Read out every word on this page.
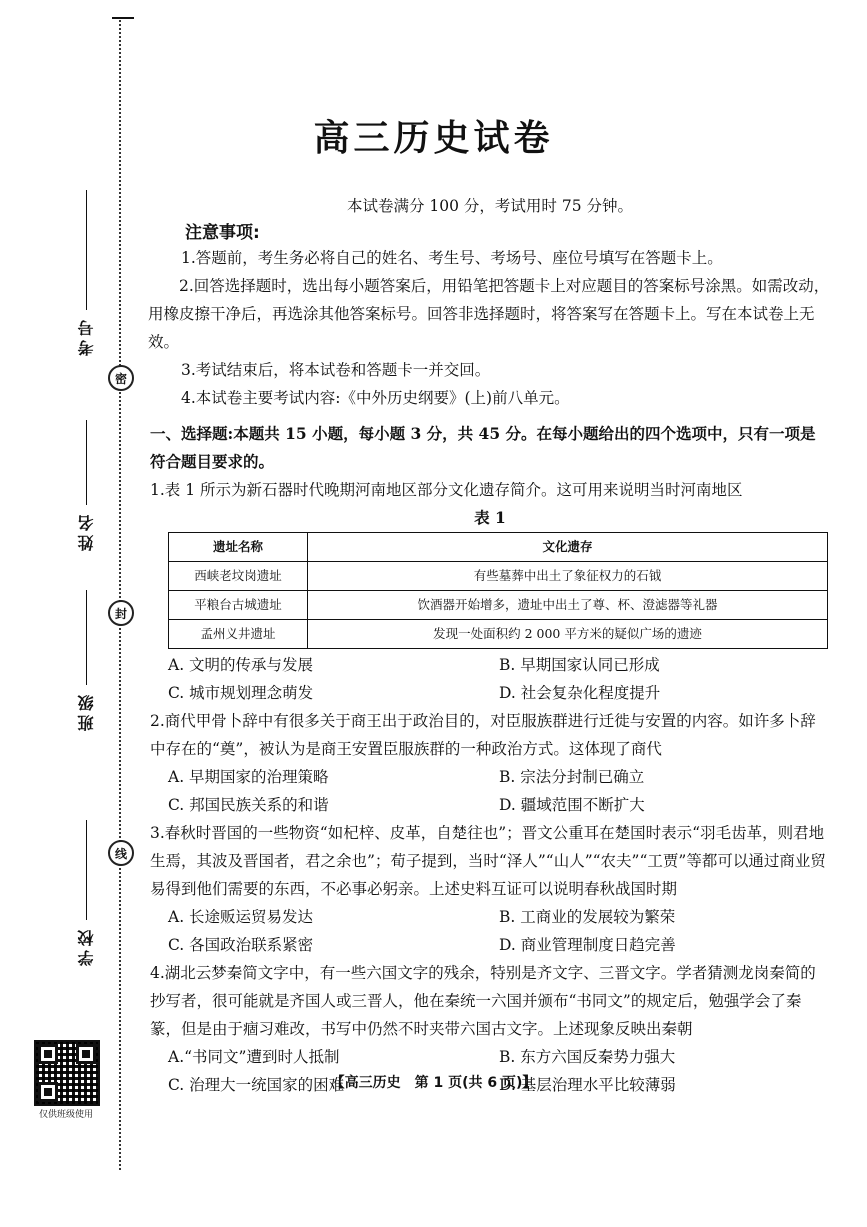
密
封
线
考号
姓名
班级
学校
仅供班级使用
高三历史试卷
本试卷满分 100 分，考试用时 75 分钟。
注意事项:

1.答题前，考生务必将自己的姓名、考生号、考场号、座位号填写在答题卡上。

2.回答选择题时，选出每小题答案后，用铅笔把答题卡上对应题目的答案标号涂黑。如需改动，用橡皮擦干净后，再选涂其他答案标号。回答非选择题时，将答案写在答题卡上。写在本试卷上无效。

3.考试结束后，将本试卷和答题卡一并交回。

4.本试卷主要考试内容:《中外历史纲要》(上)前八单元。

一、选择题:本题共 15 小题，每小题 3 分，共 45 分。在每小题给出的四个选项中，只有一项是符合题目要求的。

1.表 1 所示为新石器时代晚期河南地区部分文化遗存简介。这可用来说明当时河南地区

表 1

遗址名称	文化遗存
西峡老坟岗遗址	有些墓葬中出土了象征权力的石钺
平粮台古城遗址	饮酒器开始增多，遗址中出土了尊、杯、澄滤器等礼器
孟州义井遗址	发现一处面积约 2 000 平方米的疑似广场的遗迹
A. 文明的传承与发展	B. 早期国家认同已形成
C. 城市规划理念萌发	D. 社会复杂化程度提升

2.商代甲骨卜辞中有很多关于商王出于政治目的，对臣服族群进行迁徙与安置的内容。如许多卜辞中存在的“奠”，被认为是商王安置臣服族群的一种政治方式。这体现了商代

A. 早期国家的治理策略	B. 宗法分封制已确立
C. 邦国民族关系的和谐	D. 疆域范围不断扩大

3.春秋时晋国的一些物资“如杞梓、皮革，自楚往也”；晋文公重耳在楚国时表示“羽毛齿革，则君地生焉，其波及晋国者，君之余也”；荀子提到，当时“泽人”“山人”“农夫”“工贾”等都可以通过商业贸易得到他们需要的东西，不必事必躬亲。上述史料互证可以说明春秋战国时期

A. 长途贩运贸易发达	B. 工商业的发展较为繁荣
C. 各国政治联系紧密	D. 商业管理制度日趋完善

4.湖北云梦秦简文字中，有一些六国文字的残余，特别是齐文字、三晋文字。学者猜测龙岗秦简的抄写者，很可能就是齐国人或三晋人，他在秦统一六国并颁布“书同文”的规定后，勉强学会了秦篆，但是由于痼习难改，书写中仍然不时夹带六国古文字。上述现象反映出秦朝

A.“书同文”遭到时人抵制	B. 东方六国反秦势力强大
C. 治理大一统国家的困难	D. 基层治理水平比较薄弱
【高三历史　第 1 页(共 6 页)】
